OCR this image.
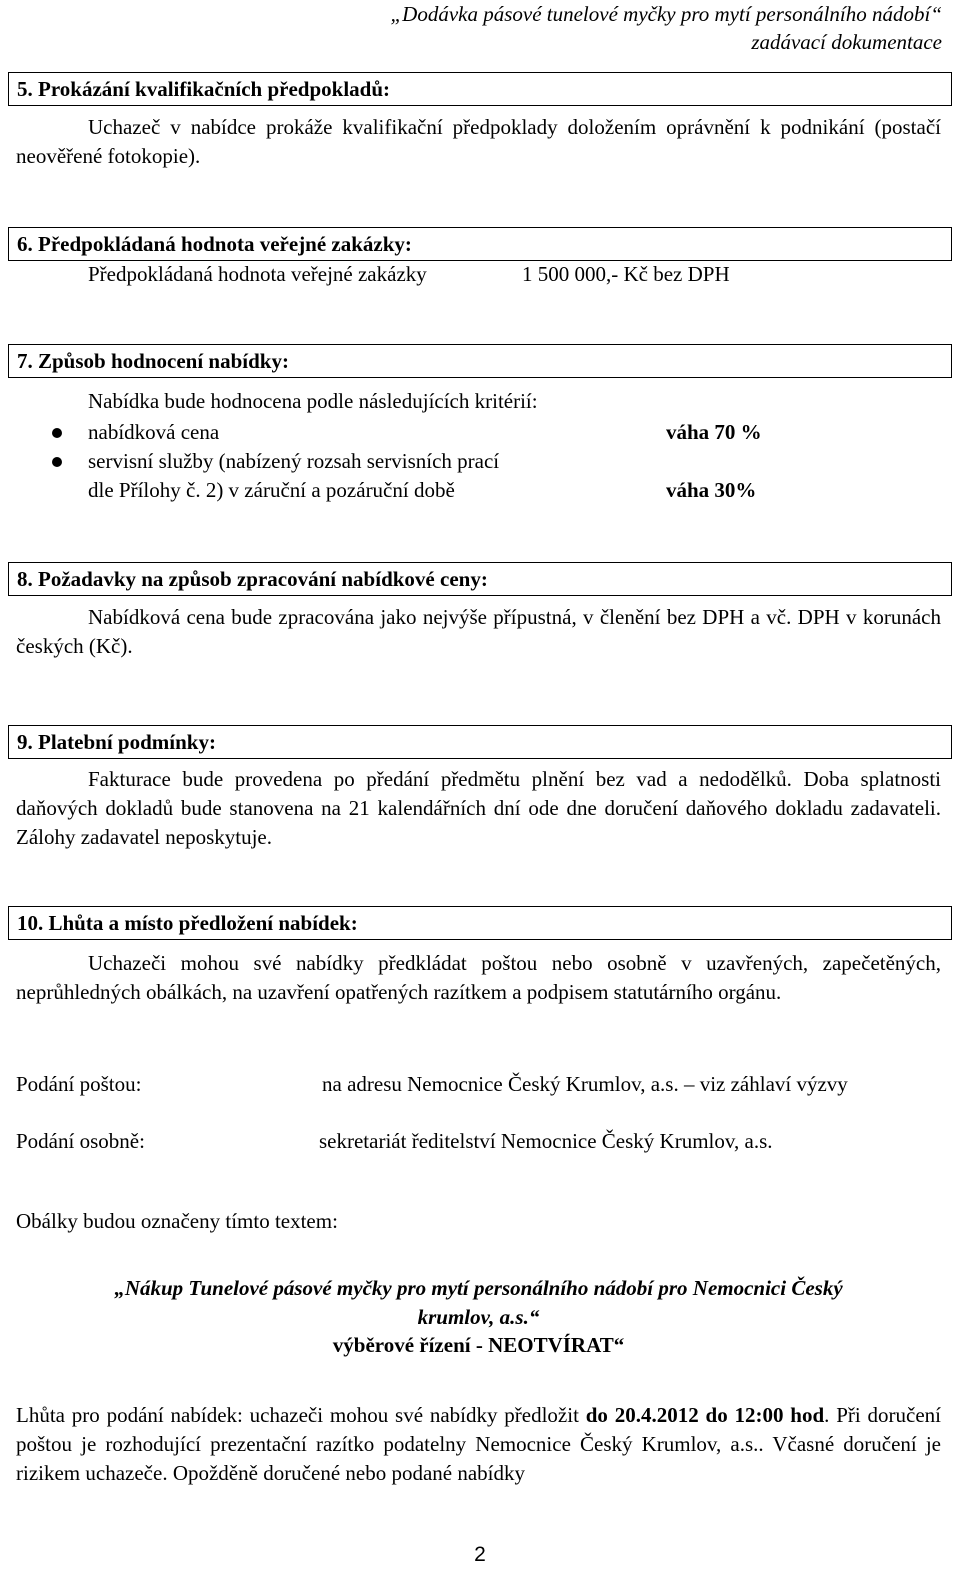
„Dodávka pásové tunelové myčky pro mytí personálního nádobí“
zadávací dokumentace
5. Prokázání kvalifikačních předpokladů:
Uchazeč v nabídce prokáže kvalifikační předpoklady doložením oprávnění k podnikání (postačí neověřené fotokopie).
6. Předpokládaná hodnota veřejné zakázky:
Předpokládaná hodnota veřejné zakázky	1 500 000,- Kč bez DPH
7. Způsob hodnocení nabídky:
Nabídka bude hodnocena podle následujících kritérií:
nabídková cena	váha 70 %
servisní služby (nabízený rozsah servisních prací
dle Přílohy č. 2) v záruční a pozáruční době	váha 30%
8. Požadavky na způsob zpracování nabídkové ceny:
Nabídková cena bude zpracována jako nejvýše přípustná, v členění bez DPH a vč. DPH v korunách českých (Kč).
9. Platební podmínky:
Fakturace bude provedena po předání předmětu plnění bez vad a nedodělků. Doba splatnosti daňových dokladů bude stanovena na 21 kalendářních dní ode dne doručení daňového dokladu zadavateli. Zálohy zadavatel neposkytuje.
10. Lhůta a místo předložení nabídek:
Uchazeči mohou své nabídky předkládat poštou nebo osobně v uzavřených, zapečetěných, neprůhledných obálkách, na uzavření opatřených razítkem a podpisem statutárního orgánu.
Podání poštou:	na adresu Nemocnice Český Krumlov, a.s. – viz záhlaví výzvy
Podání osobně:	sekretariát ředitelství Nemocnice Český Krumlov, a.s.
Obálky budou označeny tímto textem:
„Nákup Tunelové pásové myčky pro mytí personálního nádobí pro Nemocnici Český
krumlov, a.s.“
výběrové řízení - NEOTVÍRAT“
Lhůta pro podání nabídek: uchazeči mohou své nabídky předložit do 20.4.2012 do 12:00 hod. Při doručení poštou je rozhodující prezentační razítko podatelny Nemocnice Český Krumlov, a.s.. Včasné doručení je rizikem uchazeče. Opožděně doručené nebo podané nabídky
2
